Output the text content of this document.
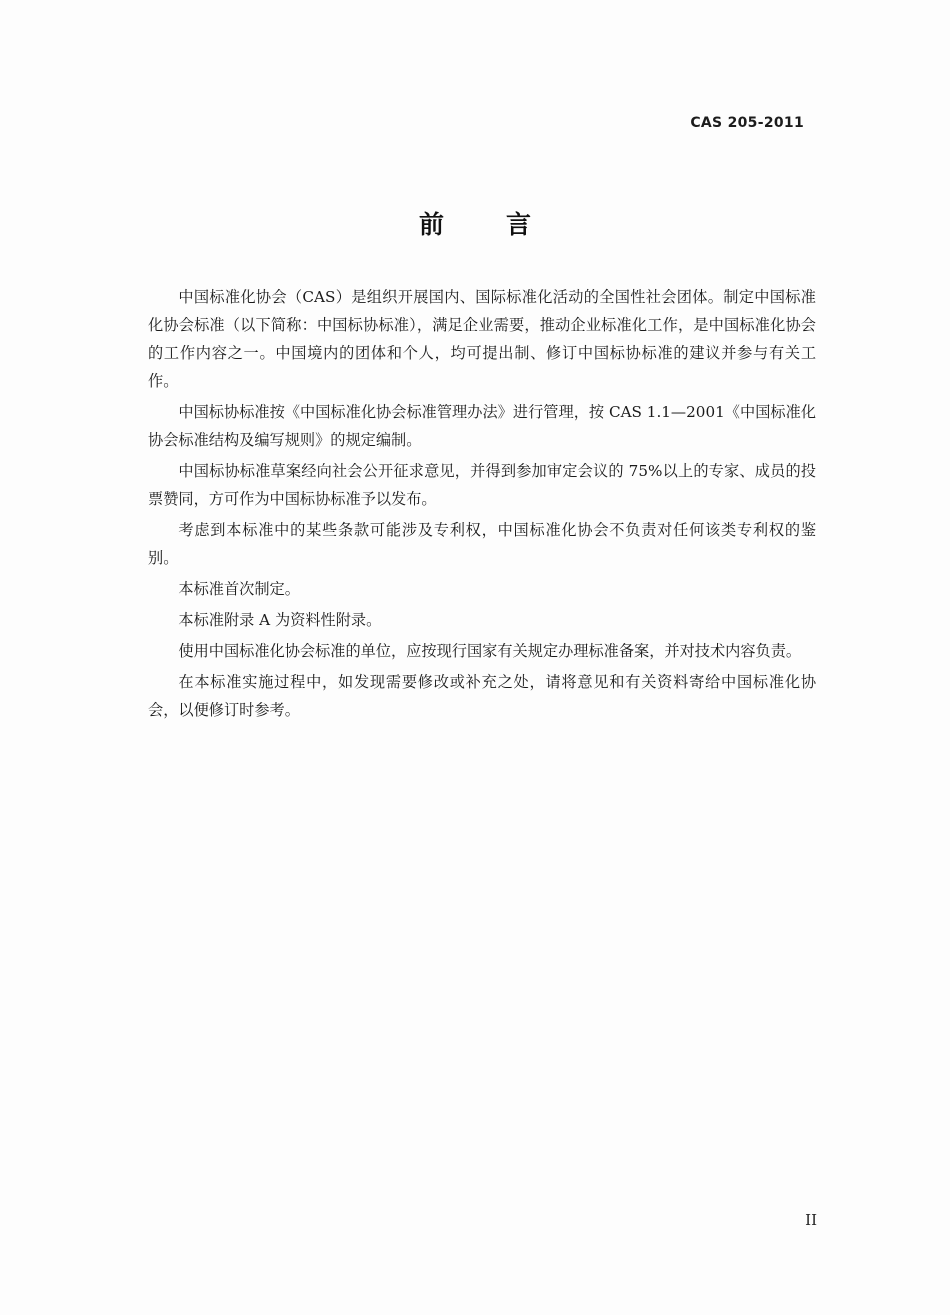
CAS 205-2011
前言

中国标准化协会（CAS）是组织开展国内、国际标准化活动的全国性社会团体。制定中国标准化协会标准（以下简称：中国标协标准），满足企业需要，推动企业标准化工作，是中国标准化协会的工作内容之一。中国境内的团体和个人，均可提出制、修订中国标协标准的建议并参与有关工作。

中国标协标准按《中国标准化协会标准管理办法》进行管理，按 CAS 1.1—2001《中国标准化协会标准结构及编写规则》的规定编制。

中国标协标准草案经向社会公开征求意见，并得到参加审定会议的 75%以上的专家、成员的投票赞同，方可作为中国标协标准予以发布。

考虑到本标准中的某些条款可能涉及专利权，中国标准化协会不负责对任何该类专利权的鉴别。

本标准首次制定。

本标准附录 A 为资料性附录。

使用中国标准化协会标准的单位，应按现行国家有关规定办理标准备案，并对技术内容负责。

在本标准实施过程中，如发现需要修改或补充之处，请将意见和有关资料寄给中国标准化协会，以便修订时参考。

II
